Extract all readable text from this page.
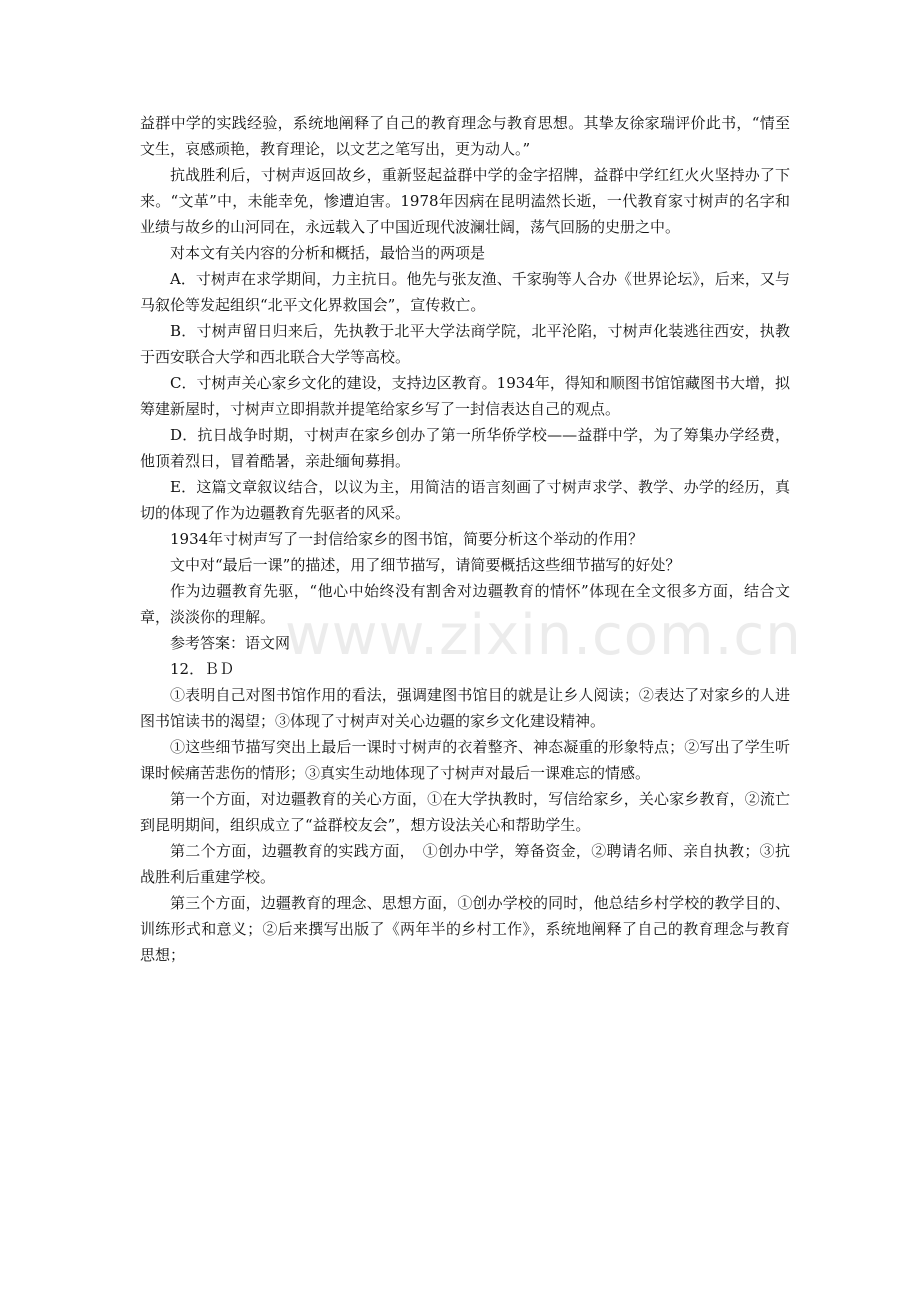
益群中学的实践经验，系统地阐释了自己的教育理念与教育思想。其挚友徐家瑞评价此书，“情至文生，哀感顽艳，教育理论，以文艺之笔写出，更为动人。”

抗战胜利后，寸树声返回故乡，重新竖起益群中学的金字招牌，益群中学红红火火坚持办了下来。“文革”中，未能幸免，惨遭迫害。1978年因病在昆明溘然长逝，一代教育家寸树声的名字和业绩与故乡的山河同在，永远载入了中国近现代波澜壮阔，荡气回肠的史册之中。

对本文有关内容的分析和概括，最恰当的两项是

A．寸树声在求学期间，力主抗日。他先与张友渔、千家驹等人合办《世界论坛》，后来，又与马叙伦等发起组织“北平文化界救国会”，宣传救亡。

B．寸树声留日归来后，先执教于北平大学法商学院，北平沦陷，寸树声化装逃往西安，执教于西安联合大学和西北联合大学等高校。

C．寸树声关心家乡文化的建设，支持边区教育。1934年，得知和顺图书馆馆藏图书大增，拟筹建新屋时，寸树声立即捐款并提笔给家乡写了一封信表达自己的观点。

D．抗日战争时期，寸树声在家乡创办了第一所华侨学校——益群中学，为了筹集办学经费，他顶着烈日，冒着酷暑，亲赴缅甸募捐。

E．这篇文章叙议结合，以议为主，用简洁的语言刻画了寸树声求学、教学、办学的经历，真切的体现了作为边疆教育先驱者的风采。

1934年寸树声写了一封信给家乡的图书馆，简要分析这个举动的作用？

文中对“最后一课”的描述，用了细节描写，请简要概括这些细节描写的好处？

作为边疆教育先驱，“他心中始终没有割舍对边疆教育的情怀”体现在全文很多方面，结合文章，淡淡你的理解。

参考答案：语文网

12．ＢＤ

①表明自己对图书馆作用的看法，强调建图书馆目的就是让乡人阅读；②表达了对家乡的人进图书馆读书的渴望；③体现了寸树声对关心边疆的家乡文化建设精神。

①这些细节描写突出上最后一课时寸树声的衣着整齐、神态凝重的形象特点；②写出了学生听课时候痛苦悲伤的情形；③真实生动地体现了寸树声对最后一课难忘的情感。

第一个方面，对边疆教育的关心方面，①在大学执教时，写信给家乡，关心家乡教育，②流亡到昆明期间，组织成立了“益群校友会”，想方设法关心和帮助学生。

第二个方面，边疆教育的实践方面，　①创办中学，筹备资金，②聘请名师、亲自执教；③抗战胜利后重建学校。

第三个方面，边疆教育的理念、思想方面，①创办学校的同时，他总结乡村学校的教学目的、训练形式和意义；②后来撰写出版了《两年半的乡村工作》，系统地阐释了自己的教育理念与教育思想；

www.zixin.com.cn
